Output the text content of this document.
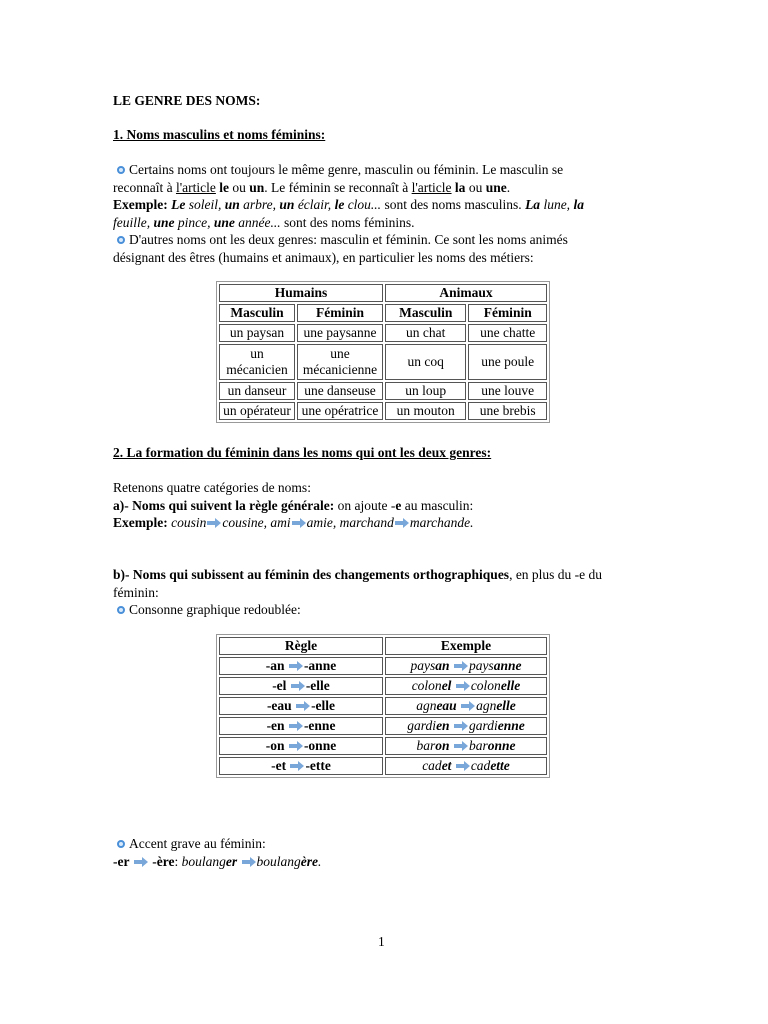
LE GENRE DES NOMS:
1. Noms masculins et noms féminins:
Certains noms ont toujours le même genre, masculin ou féminin. Le masculin se
reconnaît à l'article le ou un. Le féminin se reconnaît à l'article la ou une.
Exemple: Le soleil, un arbre, un éclair, le clou... sont des noms masculins. La lune, la
feuille, une pince, une année... sont des noms féminins.
D'autres noms ont les deux genres: masculin et féminin. Ce sont les noms animés
désignant des êtres (humains et animaux), en particulier les noms des métiers:
Humains		Animaux	
Masculin	Féminin	Masculin	Féminin
un paysan	une paysanne	un chat	une chatte
un mécanicien	une mécanicienne	un coq	une poule
un danseur	une danseuse	un loup	une louve
un opérateur	une opératrice	un mouton	une brebis
2. La formation du féminin dans les noms qui ont les deux genres:
Retenons quatre catégories de noms:
a)- Noms qui suivent la règle générale: on ajoute -e au masculin:
Exemple: cousin cousine, ami amie, marchand marchande.
b)- Noms qui subissent au féminin des changements orthographiques, en plus du -e du
féminin:
Consonne graphique redoublée:
Règle	Exemple
-an -anne	paysan paysanne
-el -elle	colonel colonelle
-eau -elle	agneau agnelle
-en -enne	gardien gardienne
-on -onne	baron baronne
-et -ette	cadet cadette
Accent grave au féminin:
-er -ère: boulanger boulangère.
1
